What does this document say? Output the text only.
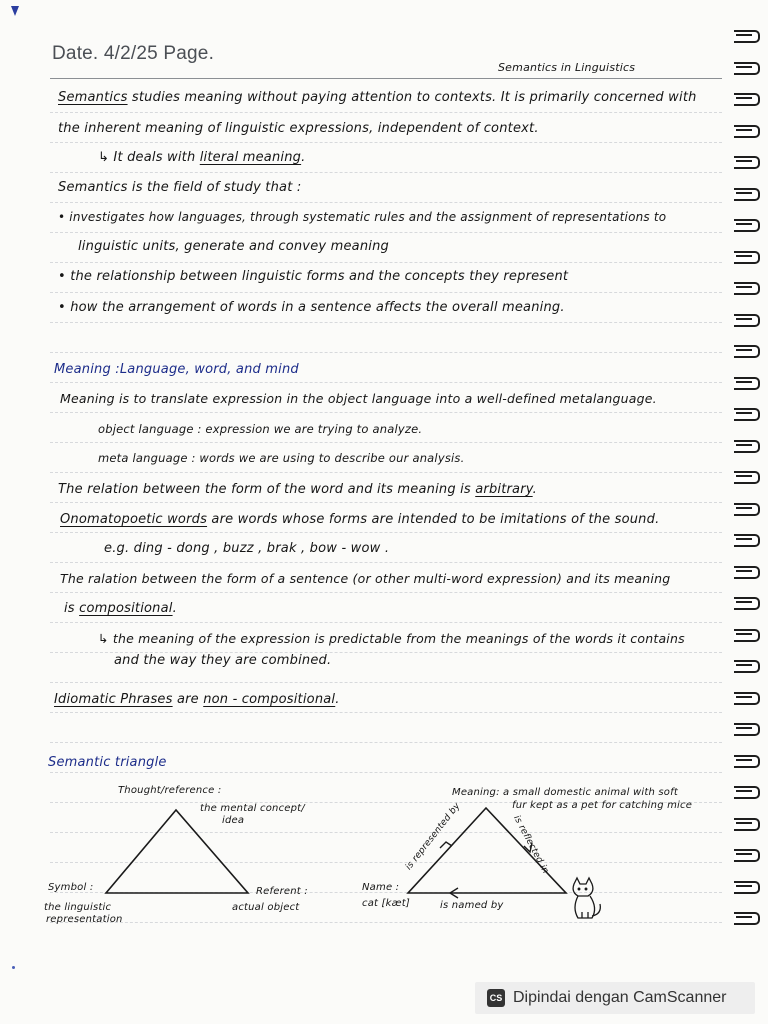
Date. 4/2/25 Page.
Semantics in Linguistics
Semantics studies meaning without paying attention to contexts. It is primarily concerned with
the inherent meaning of linguistic expressions, independent of context.
↳ It deals with literal meaning.
Semantics is the field of study that :
• investigates how languages, through systematic rules and the assignment of representations to
linguistic units, generate and convey meaning
• the relationship between linguistic forms and the concepts they represent
• how the arrangement of words in a sentence affects the overall meaning.
Meaning :Language, word, and mind
Meaning is to translate expression in the object language into a well-defined metalanguage.
object language : expression we are trying to analyze.
meta language : words we are using to describe our analysis.
The relation between the form of the word and its meaning is arbitrary.
Onomatopoetic words are words whose forms are intended to be imitations of the sound.
e.g. ding - dong , buzz , brak , bow - wow .
The ralation between the form of a sentence (or other multi-word expression) and its meaning
is compositional.
↳ the meaning of the expression is predictable from the meanings of the words it contains
and the way they are combined.
Idiomatic Phrases are non - compositional.
Semantic triangle
Thought/reference :
the mental concept/
idea
Symbol :
the linguistic
representation
Referent :
actual object
Meaning: a small domestic animal with soft
fur kept as a pet for catching mice
is represented by	is reflected in
Name :
cat [kæt]	is named by
CS Dipindai dengan CamScanner
